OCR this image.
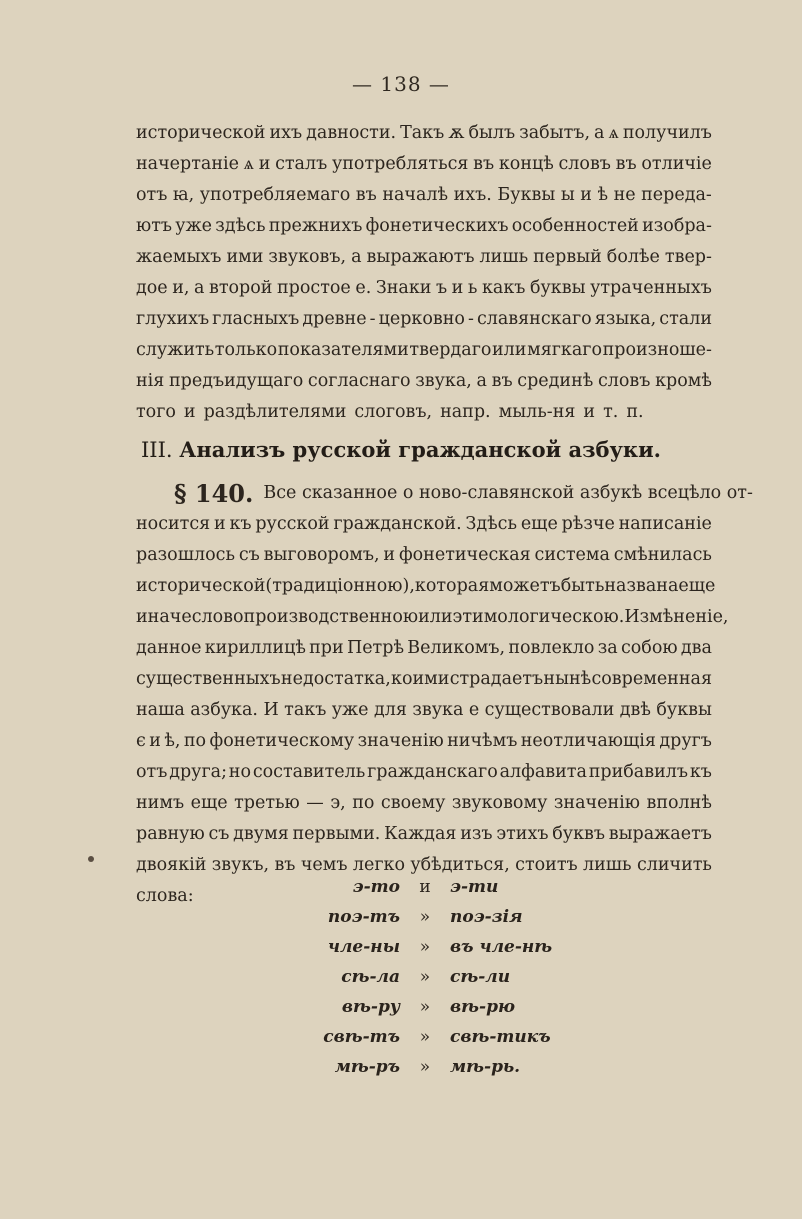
— 138 —
исторической ихъ давности. Такъ ѫ былъ забытъ, а ѧ получилъ
начертаніе ѧ и сталъ употребляться въ концѣ словъ въ отличіе
отъ ꙗ, употребляемаго въ началѣ ихъ. Буквы ы и ѣ не переда-
ютъ уже здѣсь прежнихъ фонетическихъ особенностей изобра-
жаемыхъ ими звуковъ, а выражаютъ лишь первый болѣе твер-
дое и, а второй простое е. Знаки ъ и ь какъ буквы утраченныхъ
глухихъ гласныхъ древне - церковно - славянскаго языка, стали
служить только показателями твердаго или мягкаго произноше-
нія предъидущаго согласнаго звука, а въ срединѣ словъ кромѣ
того и раздѣлителями слоговъ, напр. мыль-ня и т. п.
III. Анализъ русской гражданской азбуки.
§ 140. Все сказанное о ново-славянской азбукѣ всецѣло от-
носится и къ русской гражданской. Здѣсь еще рѣзче написаніе
разошлось съ выговоромъ, и фонетическая система смѣнилась
исторической (традиціонною), которая можетъ быть названа еще
иначе словопроизводственною или этимологическою. Измѣненіе,
данное кириллицѣ при Петрѣ Великомъ, повлекло за собою два
существенныхъ недостатка, коими страдаетъ нынѣ современная
наша азбука. И такъ уже для звука е существовали двѣ буквы
є и ѣ, по фонетическому значенію ничѣмъ неотличающія другъ
отъ друга; но составитель гражданскаго алфавита прибавилъ къ
нимъ еще третью — э, по своему звуковому значенію вполнѣ
равную съ двумя первыми. Каждая изъ этихъ буквъ выражаетъ
двоякій звукъ, въ чемъ легко убѣдиться, стоитъ лишь сличить
слова:	э-то	и	э-ти
поэ-тъ	»	поэ-зія
чле-ны	»	въ чле-нѣ
сѣ-ла	»	сѣ-ли
вѣ-ру	»	вѣ-рю
свѣ-тъ	»	свѣ-тикъ
мѣ-ръ	»	мѣ-рь.
